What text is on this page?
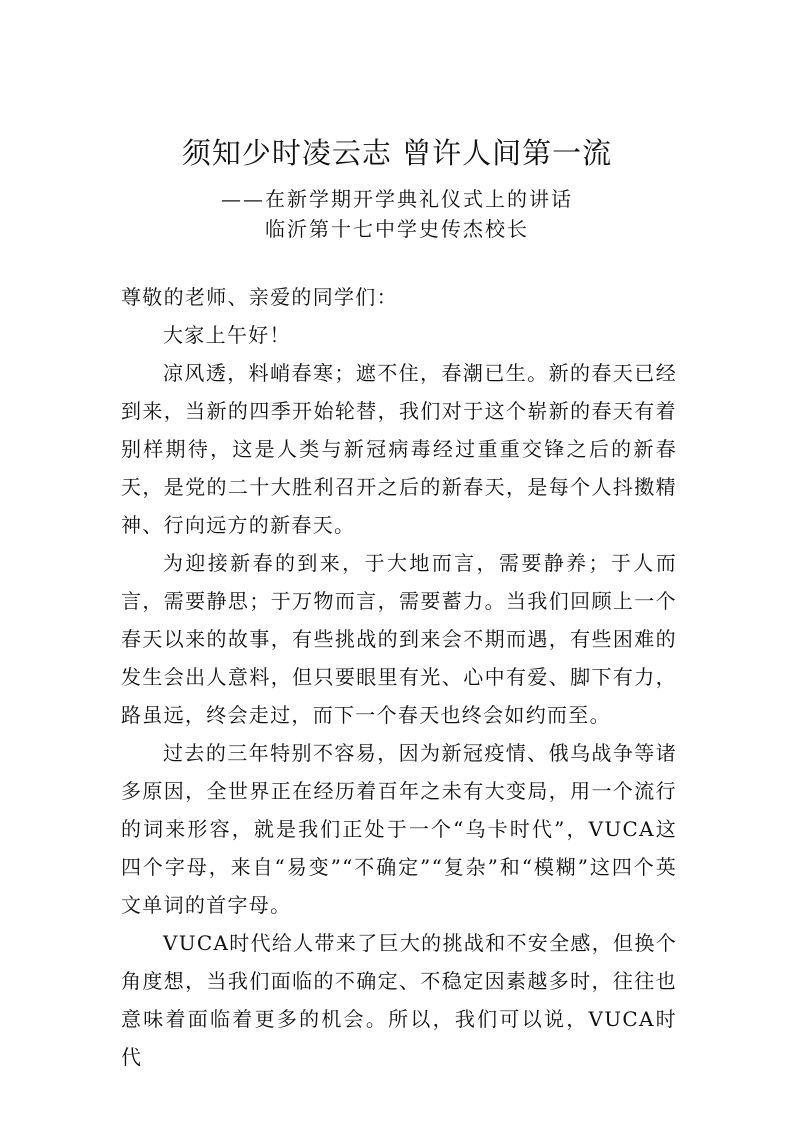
须知少时凌云志 曾许人间第一流
——在新学期开学典礼仪式上的讲话
临沂第十七中学史传杰校长

尊敬的老师、亲爱的同学们：

大家上午好！

凉风透，料峭春寒；遮不住，春潮已生。新的春天已经到来，当新的四季开始轮替，我们对于这个崭新的春天有着别样期待，这是人类与新冠病毒经过重重交锋之后的新春天，是党的二十大胜利召开之后的新春天，是每个人抖擞精神、行向远方的新春天。

为迎接新春的到来，于大地而言，需要静养；于人而言，需要静思；于万物而言，需要蓄力。当我们回顾上一个春天以来的故事，有些挑战的到来会不期而遇，有些困难的发生会出人意料，但只要眼里有光、心中有爱、脚下有力，路虽远，终会走过，而下一个春天也终会如约而至。

过去的三年特别不容易，因为新冠疫情、俄乌战争等诸多原因，全世界正在经历着百年之未有大变局，用一个流行的词来形容，就是我们正处于一个“乌卡时代”，VUCA这四个字母，来自“易变”“不确定”“复杂”和“模糊”这四个英文单词的首字母。

VUCA时代给人带来了巨大的挑战和不安全感，但换个角度想，当我们面临的不确定、不稳定因素越多时，往往也 意味着面临着更多的机会。所以，我们可以说，VUCA时代
